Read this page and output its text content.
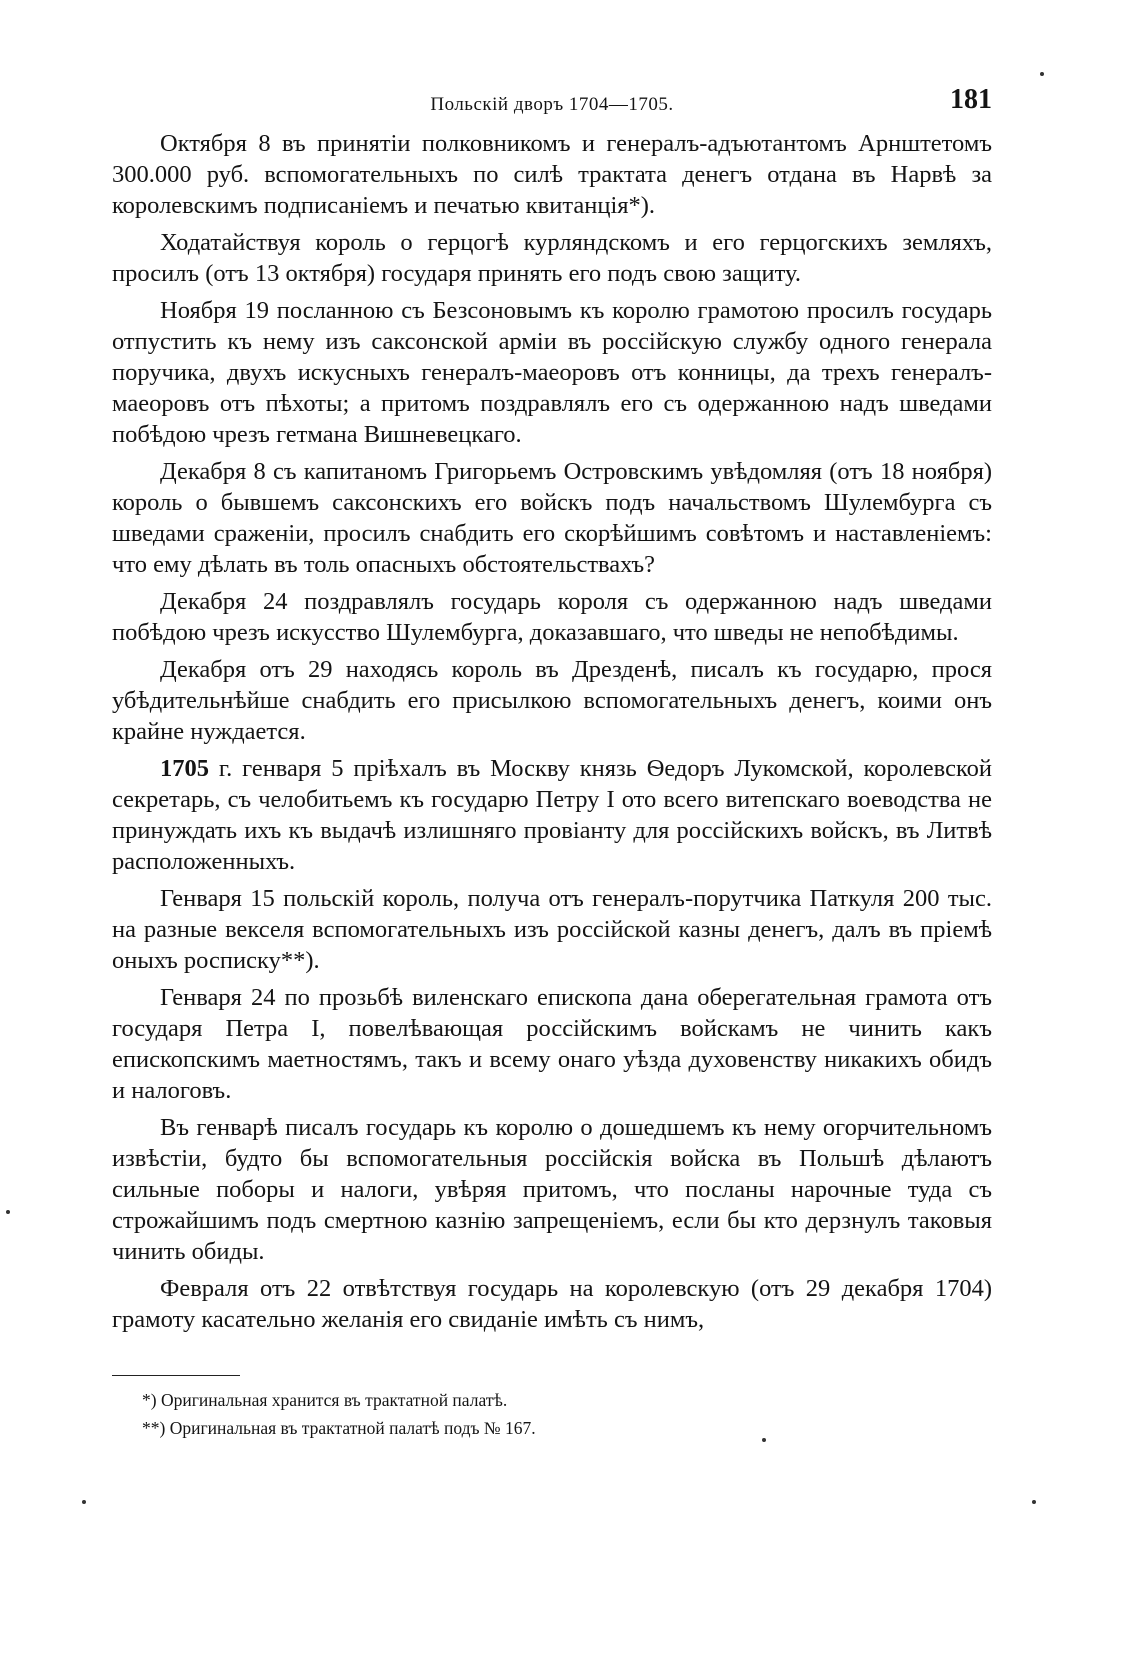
Польскій дворъ 1704—1705.	181

Октября 8 въ принятіи полковникомъ и генералъ-адъютантомъ Арнштетомъ 300.000 руб. вспомогательныхъ по силѣ трактата денегъ отдана въ Нарвѣ за королевскимъ подписаніемъ и печатью квитанція*).

Ходатайствуя король о герцогѣ курляндскомъ и его герцогскихъ земляхъ, просилъ (отъ 13 октября) государя принять его подъ свою защиту.

Ноября 19 посланною съ Безсоновымъ къ королю грамотою просилъ государь отпустить къ нему изъ саксонской арміи въ россійскую службу одного генерала поручика, двухъ искусныхъ генералъ-маеоровъ отъ конницы, да трехъ генералъ-маеоровъ отъ пѣхоты; а притомъ поздравлялъ его съ одержанною надъ шведами побѣдою чрезъ гетмана Вишневецкаго.

Декабря 8 съ капитаномъ Григорьемъ Островскимъ увѣдомляя (отъ 18 ноября) король о бывшемъ саксонскихъ его войскъ подъ начальствомъ Шулембурга съ шведами сраженіи, просилъ снабдить его скорѣйшимъ совѣтомъ и наставленіемъ: что ему дѣлать въ толь опасныхъ обстоятельствахъ?

Декабря 24 поздравлялъ государь короля съ одержанною надъ шведами побѣдою чрезъ искусство Шулембурга, доказавшаго, что шведы не непобѣдимы.

Декабря отъ 29 находясь король въ Дрезденѣ, писалъ къ государю, прося убѣдительнѣйше снабдить его присылкою вспомогательныхъ денегъ, коими онъ крайне нуждается.

1705 г. генваря 5 пріѣхалъ въ Москву князь Ѳедоръ Лукомской, королевской секретарь, съ челобитьемъ къ государю Петру I ото всего витепскаго воеводства не принуждать ихъ къ выдачѣ излишняго провіанту для россійскихъ войскъ, въ Литвѣ расположенныхъ.

Генваря 15 польскій король, получа отъ генералъ-порутчика Паткуля 200 тыс. на разные векселя вспомогательныхъ изъ россійской казны денегъ, далъ въ пріемѣ оныхъ росписку**).

Генваря 24 по прозьбѣ виленскаго епископа дана оберегательная грамота отъ государя Петра I, повелѣвающая россійскимъ войскамъ не чинить какъ епископскимъ маетностямъ, такъ и всему онаго уѣзда духовенству никакихъ обидъ и налоговъ.

Въ генварѣ писалъ государь къ королю о дошедшемъ къ нему огорчительномъ извѣстіи, будто бы вспомогательныя россійскія войска въ Польшѣ дѣлаютъ сильные поборы и налоги, увѣряя притомъ, что посланы нарочные туда съ строжайшимъ подъ смертною казнію запрещеніемъ, если бы кто дерзнулъ таковыя чинить обиды.

Февраля отъ 22 отвѣтствуя государь на королевскую (отъ 29 декабря 1704) грамоту касательно желанія его свиданіе имѣть съ нимъ,

*) Оригинальная хранится въ трактатной палатѣ.

**) Оригинальная въ трактатной палатѣ подъ № 167.
